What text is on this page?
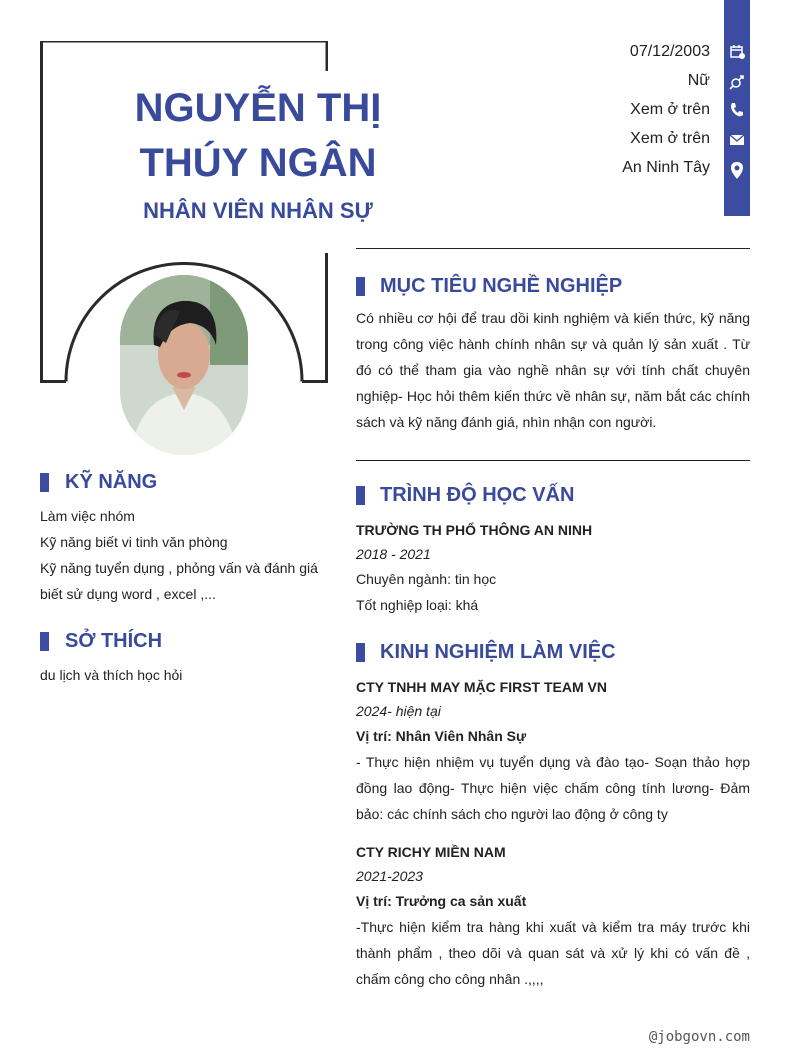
NGUYỄN THỊ
THÚY NGÂN
NHÂN VIÊN NHÂN SỰ
07/12/2003
Nữ
Xem ở trên
Xem ở trên
An Ninh Tây
MỤC TIÊU NGHỀ NGHIỆP
Có nhiều cơ hội để trau dồi kinh nghiệm và kiến thức, kỹ năng trong công việc hành chính nhân sự và quản lý sản xuất . Từ đó có thể tham gia vào nghề nhân sự với tính chất chuyên nghiệp- Học hỏi thêm kiến thức về nhân sự, năm bắt các chính sách và kỹ năng đánh giá, nhìn nhận con người.
TRÌNH ĐỘ HỌC VẤN
TRƯỜNG TH PHỔ THÔNG AN NINH
2018 - 2021
Chuyên ngành: tin học
Tốt nghiệp loại: khá
KINH NGHIỆM LÀM VIỆC
CTY TNHH MAY MẶC FIRST TEAM VN
2024- hiện tại
Vị trí: Nhân Viên Nhân Sự
- Thực hiện nhiệm vụ tuyển dụng và đào tạo- Soạn thảo hợp đồng lao động- Thực hiện việc chấm công tính lương- Đảm bảo: các chính sách cho người lao động ở công ty
CTY RICHY MIỀN NAM
2021-2023
Vị trí: Trưởng ca sản xuất
-Thực hiện kiểm tra hàng khi xuất và kiểm tra máy trước khi thành phẩm , theo dõi và quan sát và xử lý khi có vấn đề , chấm công cho công nhân .,,,,
KỸ NĂNG
Làm việc nhóm
Kỹ năng biết vi tinh văn phòng
Kỹ năng tuyển dụng , phỏng vấn và đánh giá
biết sử dụng word , excel ,...
SỞ THÍCH
du lịch và thích học hỏi
@jobgovn.com
